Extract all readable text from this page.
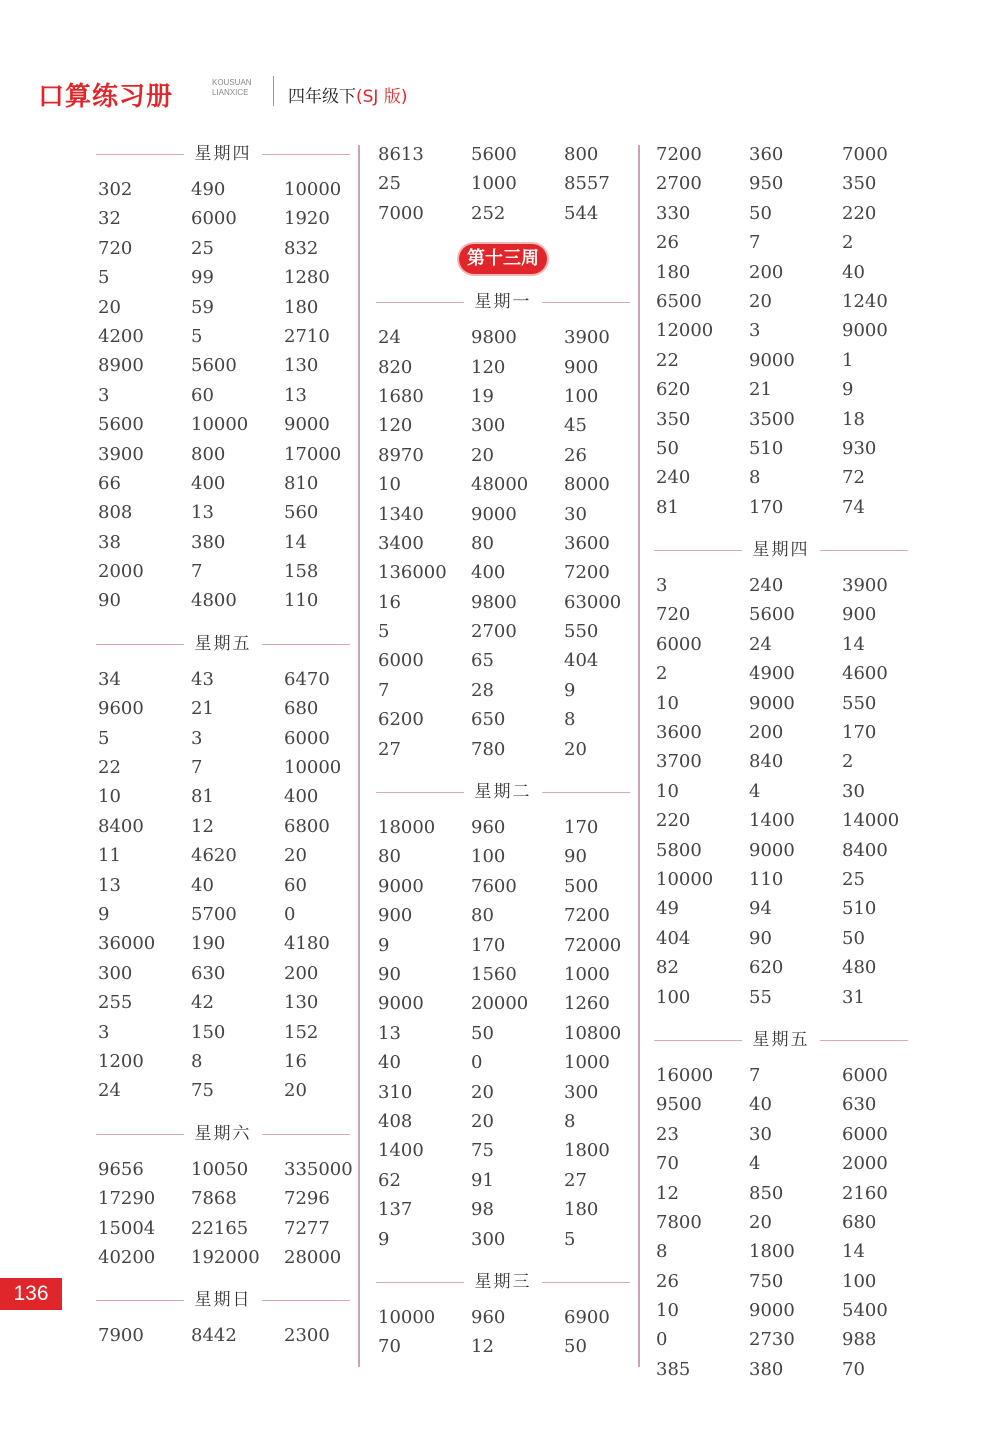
口算练习册	KOUSUAN
LIANXICE	四年级下(SJ 版)
星期四
302	490	10000
32	6000	1920
720	25	832
5	99	1280
20	59	180
4200	5	2710
8900	5600	130
3	60	13
5600	10000	9000
3900	800	17000
66	400	810
808	13	560
38	380	14
2000	7	158
90	4800	110
星期五
34	43	6470
9600	21	680
5	3	6000
22	7	10000
10	81	400
8400	12	6800
11	4620	20
13	40	60
9	5700	0
36000	190	4180
300	630	200
255	42	130
3	150	152
1200	8	16
24	75	20
星期六
9656	10050	335000
17290	7868	7296
15004	22165	7277
40200	192000	28000
星期日
7900	8442	2300
8613	5600	800
25	1000	8557
7000	252	544
第十三周
星期一
24	9800	3900
820	120	900
1680	19	100
120	300	45
8970	20	26
10	48000	8000
1340	9000	30
3400	80	3600
136000	400	7200
16	9800	63000
5	2700	550
6000	65	404
7	28	9
6200	650	8
27	780	20
星期二
18000	960	170
80	100	90
9000	7600	500
900	80	7200
9	170	72000
90	1560	1000
9000	20000	1260
13	50	10800
40	0	1000
310	20	300
408	20	8
1400	75	1800
62	91	27
137	98	180
9	300	5
星期三
10000	960	6900
70	12	50
7200	360	7000
2700	950	350
330	50	220
26	7	2
180	200	40
6500	20	1240
12000	3	9000
22	9000	1
620	21	9
350	3500	18
50	510	930
240	8	72
81	170	74
星期四
3	240	3900
720	5600	900
6000	24	14
2	4900	4600
10	9000	550
3600	200	170
3700	840	2
10	4	30
220	1400	14000
5800	9000	8400
10000	110	25
49	94	510
404	90	50
82	620	480
100	55	31
星期五
16000	7	6000
9500	40	630
23	30	6000
70	4	2000
12	850	2160
7800	20	680
8	1800	14
26	750	100
10	9000	5400
0	2730	988
385	380	70
136
